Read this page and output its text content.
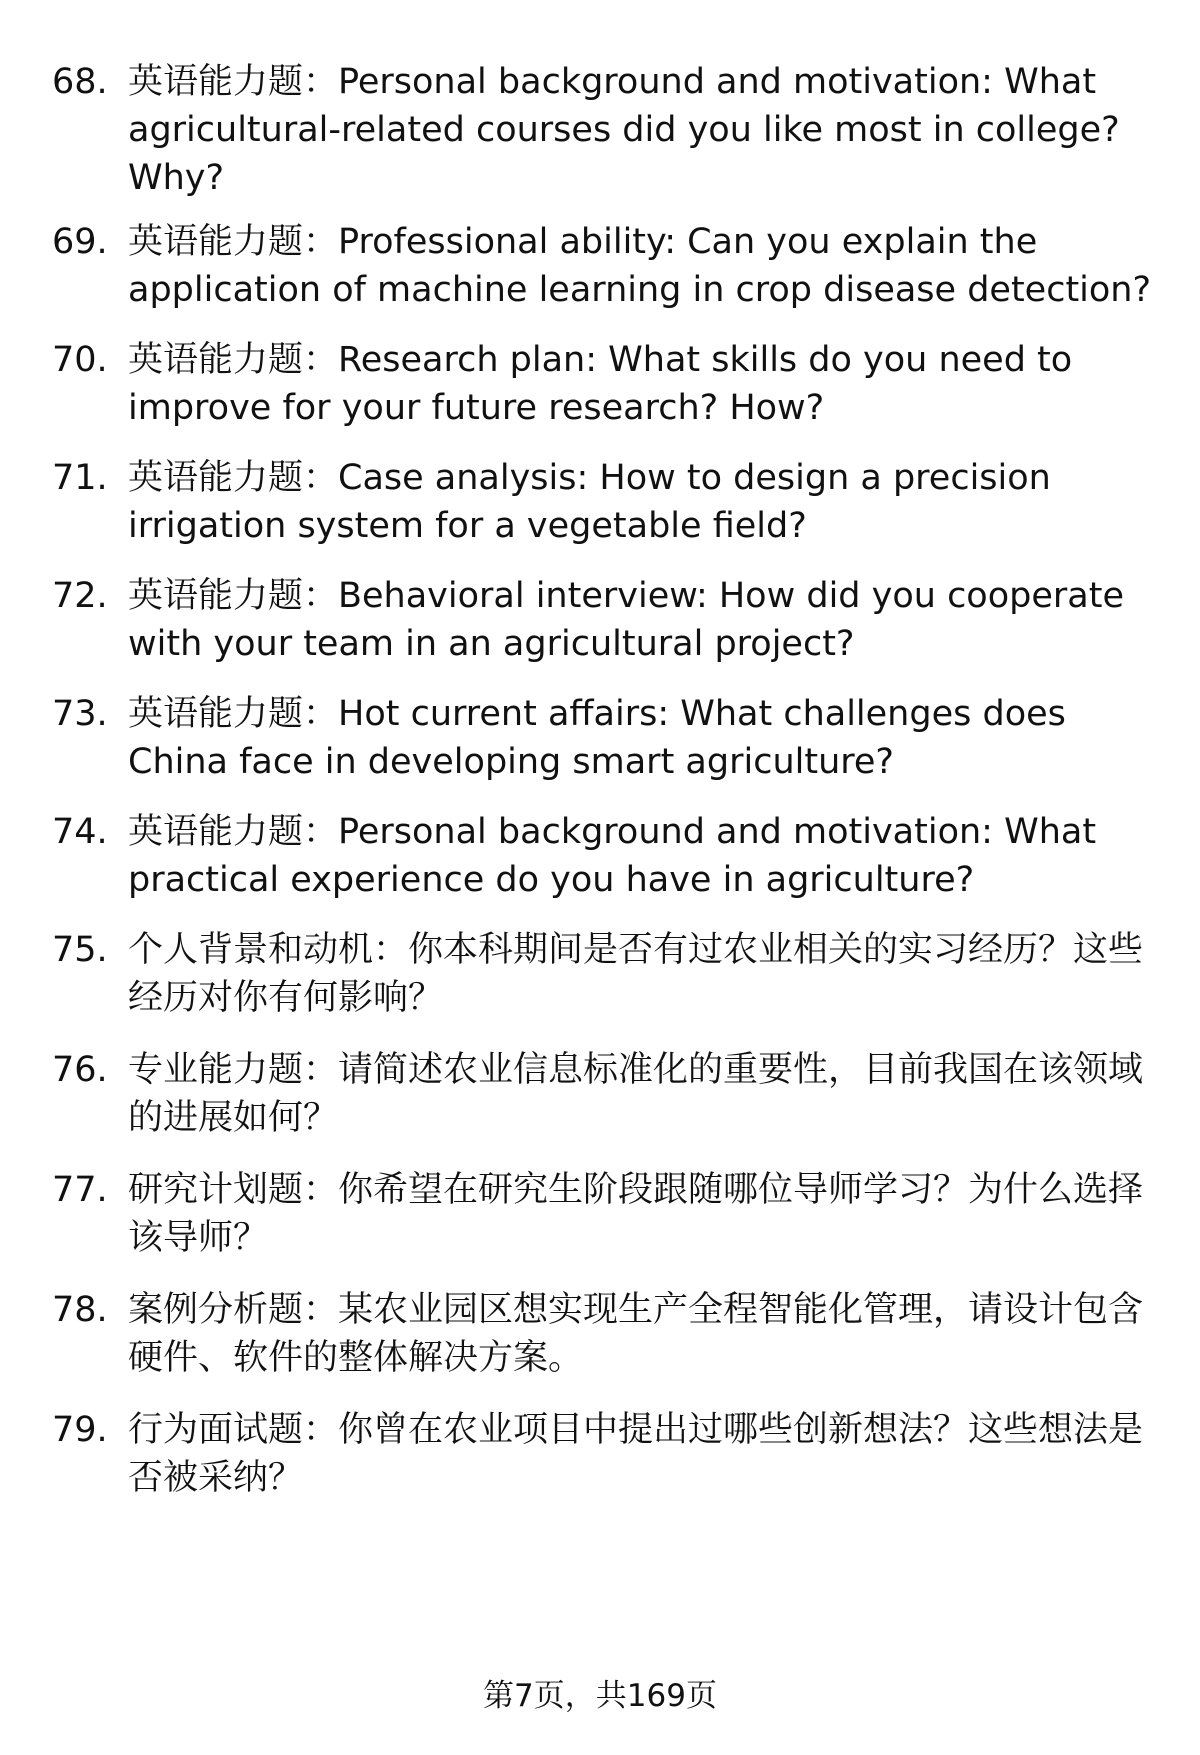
68. 英语能力题：Personal background and motivation: What agricultural-related courses did you like most in college? Why?
69. 英语能力题：Professional ability: Can you explain the application of machine learning in crop disease detection?
70. 英语能力题：Research plan: What skills do you need to improve for your future research? How?
71. 英语能力题：Case analysis: How to design a precision irrigation system for a vegetable field?
72. 英语能力题：Behavioral interview: How did you cooperate with your team in an agricultural project?
73. 英语能力题：Hot current affairs: What challenges does China face in developing smart agriculture?
74. 英语能力题：Personal background and motivation: What practical experience do you have in agriculture?
75. 个人背景和动机：你本科期间是否有过农业相关的实习经历？这些经历对你有何影响？
76. 专业能力题：请简述农业信息标准化的重要性，目前我国在该领域的进展如何？
77. 研究计划题：你希望在研究生阶段跟随哪位导师学习？为什么选择该导师？
78. 案例分析题：某农业园区想实现生产全程智能化管理，请设计包含硬件、软件的整体解决方案。
79. 行为面试题：你曾在农业项目中提出过哪些创新想法？这些想法是否被采纳？
第7页，共169页
